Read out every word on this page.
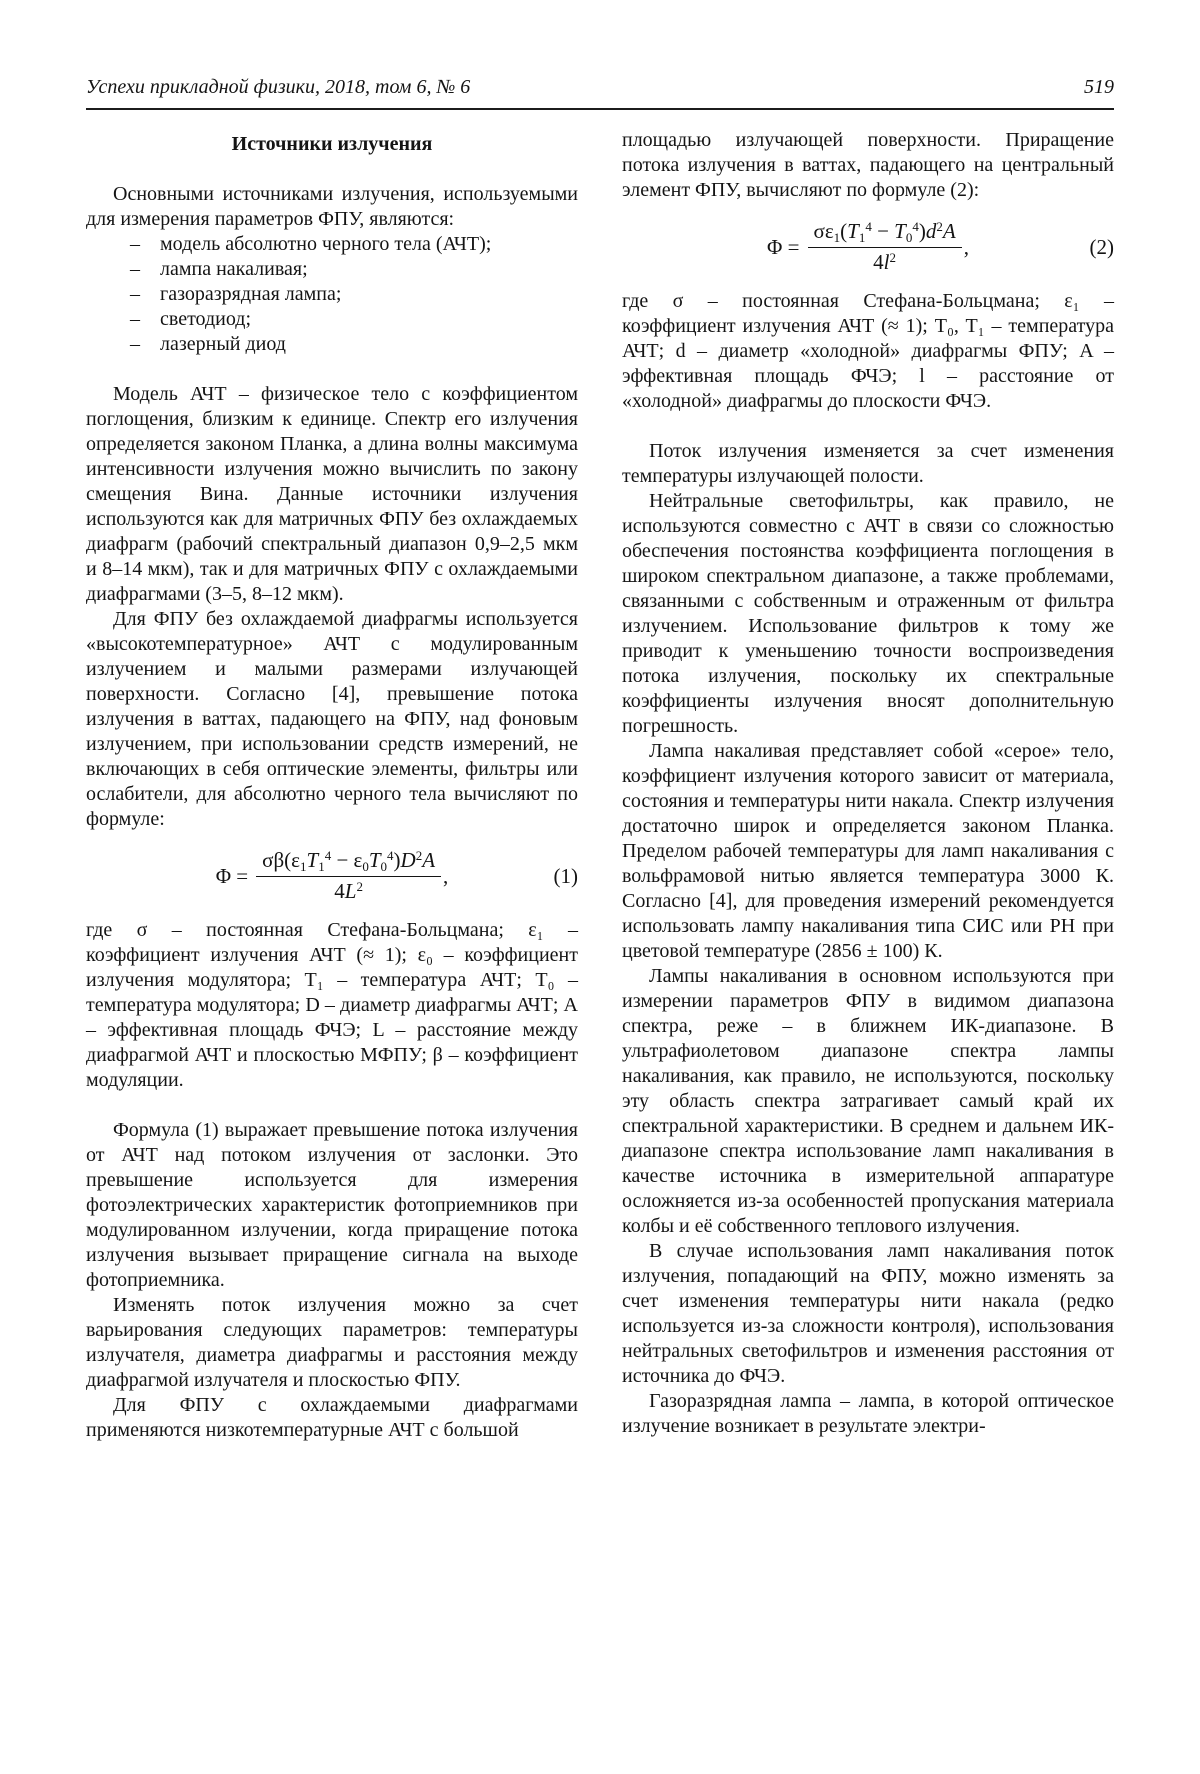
Успехи прикладной физики, 2018, том 6, № 6	519
Источники излучения

Основными источниками излучения, используемыми для измерения параметров ФПУ, являются:

– модель абсолютно черного тела (АЧТ);
– лампа накаливая;
– газоразрядная лампа;
– светодиод;
– лазерный диод

Модель АЧТ – физическое тело с коэффициентом поглощения, близким к единице. Спектр его излучения определяется законом Планка, а длина волны максимума интенсивности излучения можно вычислить по закону смещения Вина. Данные источники излучения используются как для матричных ФПУ без охлаждаемых диафрагм (рабочий спектральный диапазон 0,9–2,5 мкм и 8–14 мкм), так и для матричных ФПУ с охлаждаемыми диафрагмами (3–5, 8–12 мкм).

Для ФПУ без охлаждаемой диафрагмы используется «высокотемпературное» АЧТ с модулированным излучением и малыми размерами излучающей поверхности. Согласно [4], превышение потока излучения в ваттах, падающего на ФПУ, над фоновым излучением, при использовании средств измерений, не включающих в себя оптические элементы, фильтры или ослабители, для абсолютно черного тела вычисляют по формуле:

$\Phi = \frac{\sigma\beta(\varepsilon_1T_1^4 - \varepsilon_0T_0^4)D^2A}{4L^2}$ ,	(1)

где σ – постоянная Стефана-Больцмана; ε₁ – коэффициент излучения АЧТ (≈ 1); ε₀ – коэффициент излучения модулятора; T₁ – температура АЧТ; T₀ – температура модулятора; D – диаметр диафрагмы АЧТ; A – эффективная площадь ФЧЭ; L – расстояние между диафрагмой АЧТ и плоскостью МФПУ; β – коэффициент модуляции.

Формула (1) выражает превышение потока излучения от АЧТ над потоком излучения от заслонки. Это превышение используется для измерения фотоэлектрических характеристик фотоприемников при модулированном излучении, когда приращение потока излучения вызывает приращение сигнала на выходе фотоприемника.

Изменять поток излучения можно за счет варьирования следующих параметров: температуры излучателя, диаметра диафрагмы и расстояния между диафрагмой излучателя и плоскостью ФПУ.

Для ФПУ с охлаждаемыми диафрагмами применяются низкотемпературные АЧТ с большой

площадью излучающей поверхности. Приращение потока излучения в ваттах, падающего на центральный элемент ФПУ, вычисляют по формуле (2):

$\Phi = \frac{\sigma\varepsilon_1(T_1^4 - T_0^4)d^2A}{4l^2}$ ,	(2)

где σ – постоянная Стефана-Больцмана; ε₁ – коэффициент излучения АЧТ (≈ 1); T₀, T₁ – температура АЧТ; d – диаметр «холодной» диафрагмы ФПУ; A – эффективная площадь ФЧЭ; l – расстояние от «холодной» диафрагмы до плоскости ФЧЭ.

Поток излучения изменяется за счет изменения температуры излучающей полости.

Нейтральные светофильтры, как правило, не используются совместно с АЧТ в связи со сложностью обеспечения постоянства коэффициента поглощения в широком спектральном диапазоне, а также проблемами, связанными с собственным и отраженным от фильтра излучением. Использование фильтров к тому же приводит к уменьшению точности воспроизведения потока излучения, поскольку их спектральные коэффициенты излучения вносят дополнительную погрешность.

Лампа накаливая представляет собой «серое» тело, коэффициент излучения которого зависит от материала, состояния и температуры нити накала. Спектр излучения достаточно широк и определяется законом Планка. Пределом рабочей температуры для ламп накаливания с вольфрамовой нитью является температура 3000 К. Согласно [4], для проведения измерений рекомендуется использовать лампу накаливания типа СИС или РН при цветовой температуре (2856 ± 100) К.

Лампы накаливания в основном используются при измерении параметров ФПУ в видимом диапазона спектра, реже – в ближнем ИК-диапазоне. В ультрафиолетовом диапазоне спектра лампы накаливания, как правило, не используются, поскольку эту область спектра затрагивает самый край их спектральной характеристики. В среднем и дальнем ИК-диапазоне спектра использование ламп накаливания в качестве источника в измерительной аппаратуре осложняется из-за особенностей пропускания материала колбы и её собственного теплового излучения.

В случае использования ламп накаливания поток излучения, попадающий на ФПУ, можно изменять за счет изменения температуры нити накала (редко используется из-за сложности контроля), использования нейтральных светофильтров и изменения расстояния от источника до ФЧЭ.

Газоразрядная лампа – лампа, в которой оптическое излучение возникает в результате электри-
